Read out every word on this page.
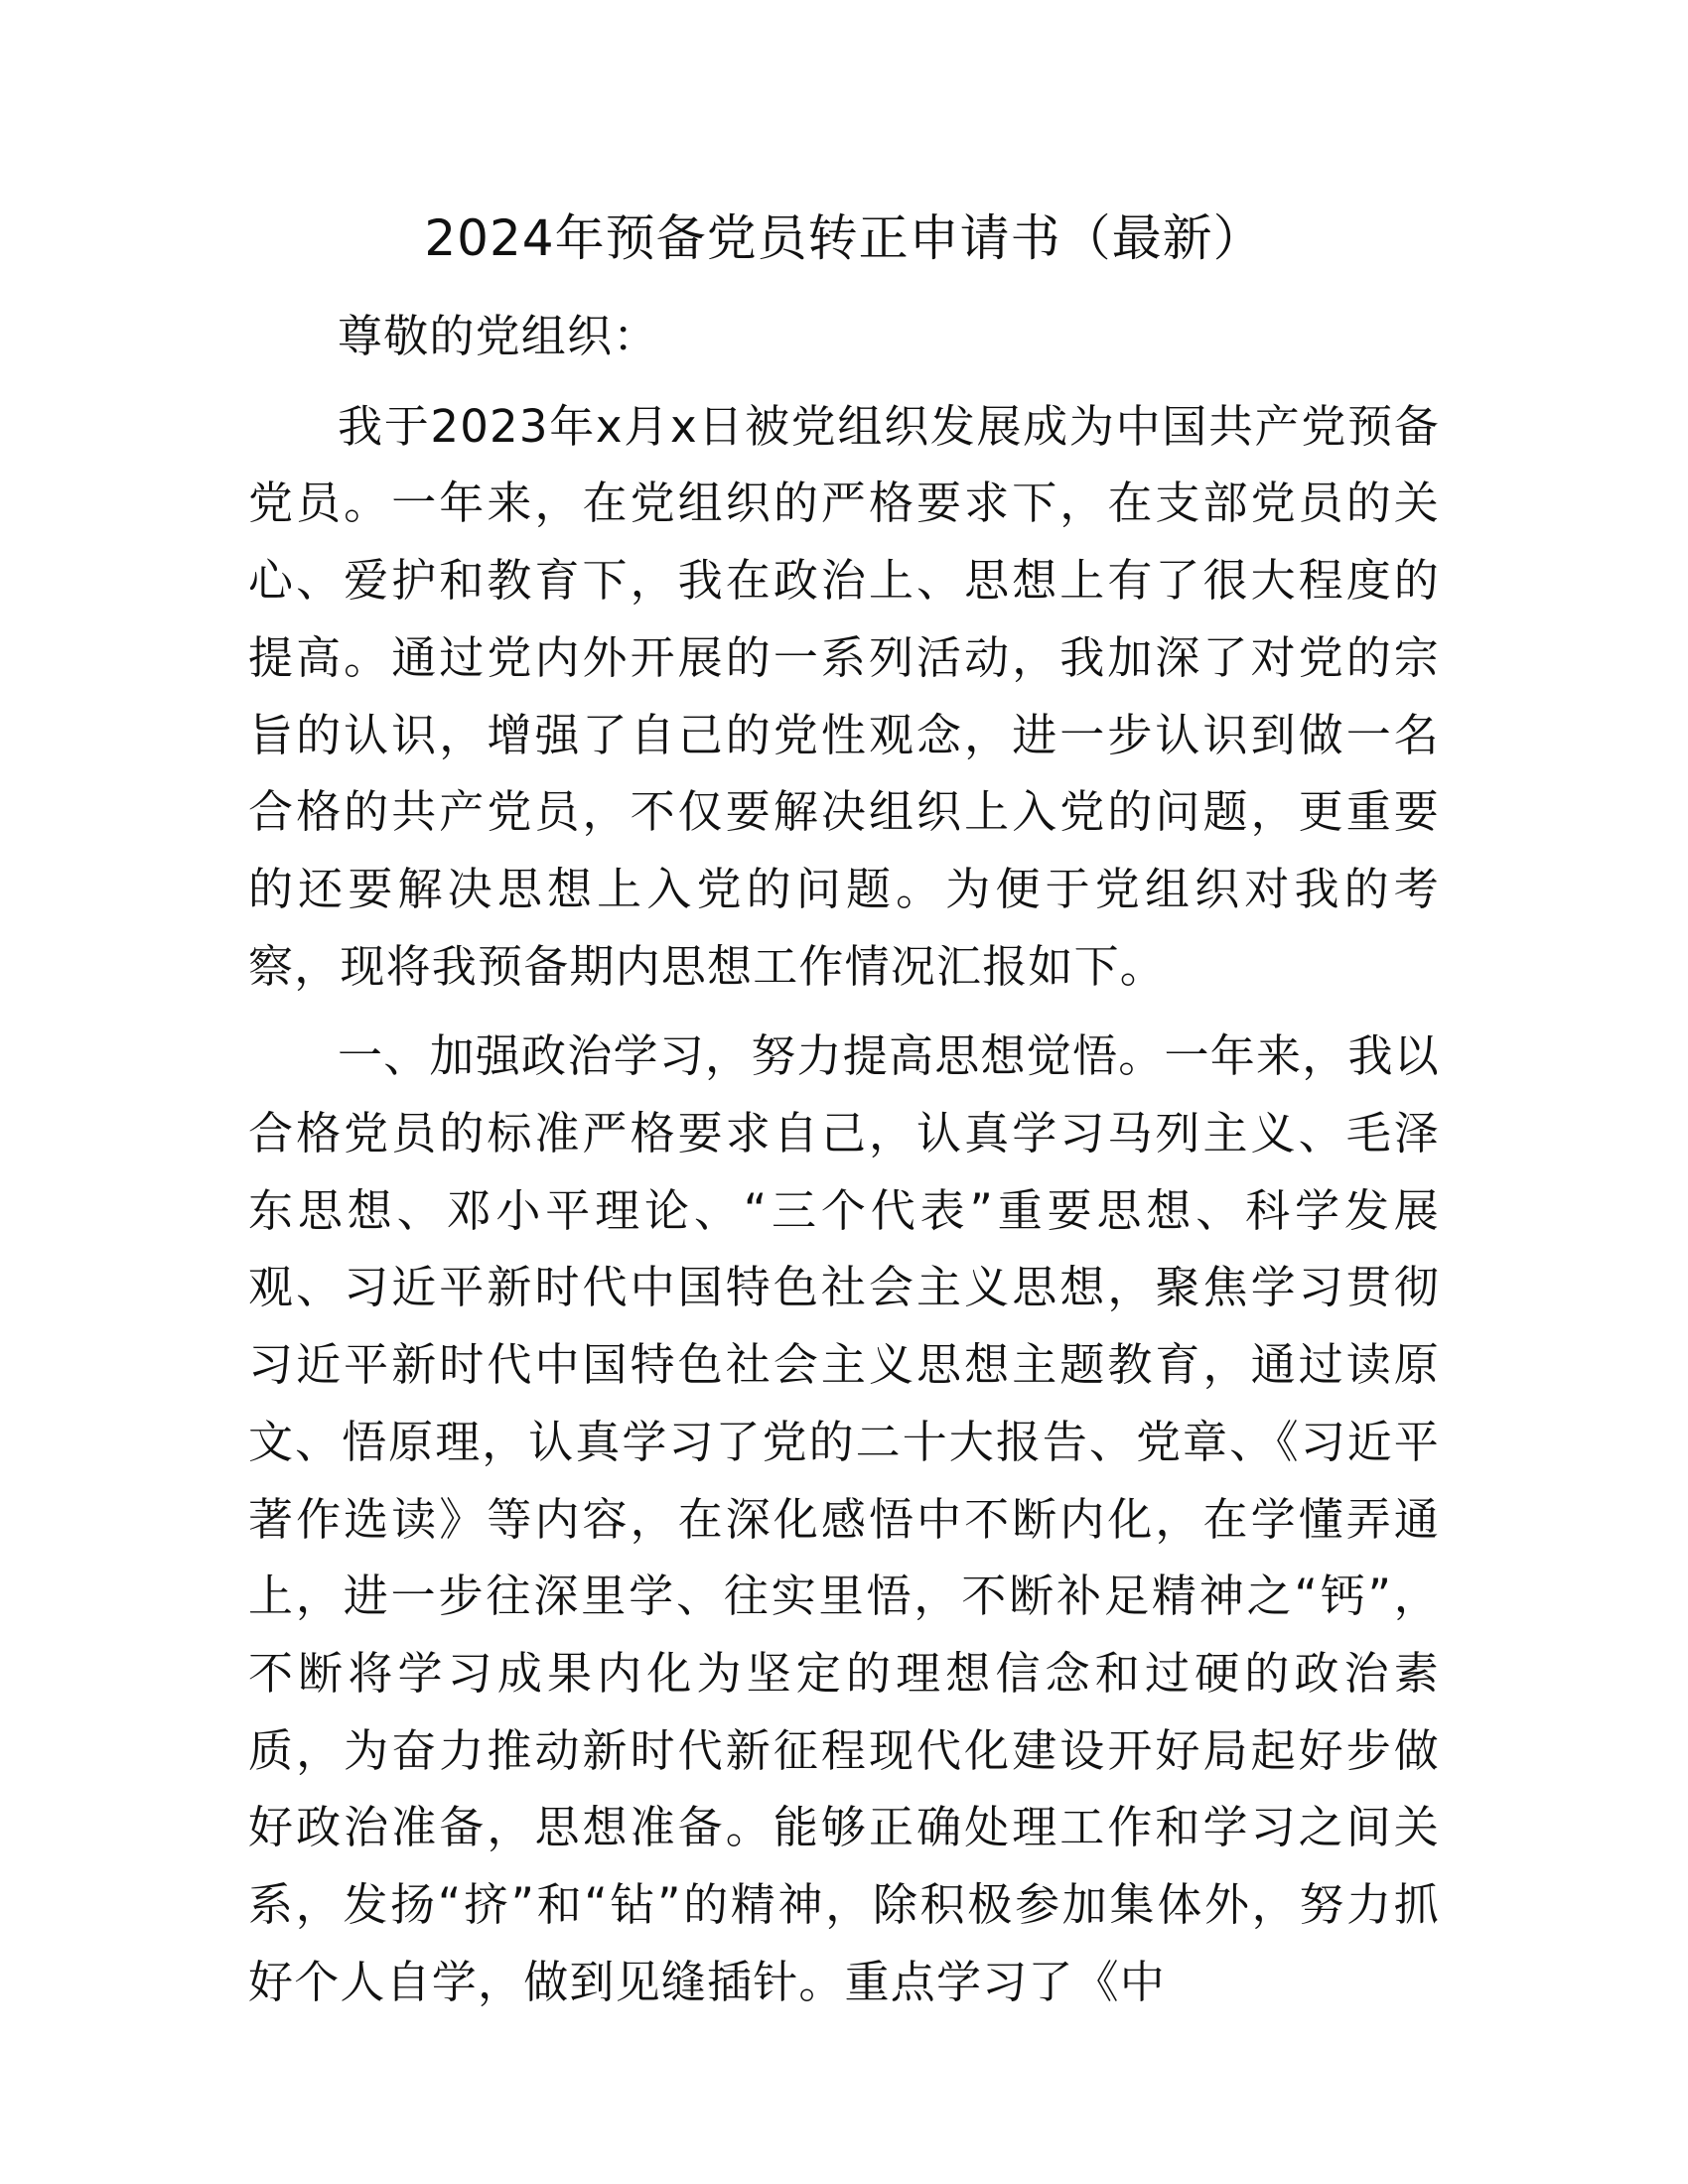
2024年预备党员转正申请书（最新）

尊敬的党组织：

我于2023年x月x日被党组织发展成为中国共产党预备党员。一年来，在党组织的严格要求下，在支部党员的关心、爱护和教育下，我在政治上、思想上有了很大程度的提高。通过党内外开展的一系列活动，我加深了对党的宗旨的认识，增强了自己的党性观念，进一步认识到做一名合格的共产党员，不仅要解决组织上入党的问题，更重要的还要解决思想上入党的问题。为便于党组织对我的考察，现将我预备期内思想工作情况汇报如下。

一、加强政治学习，努力提高思想觉悟。一年来，我以合格党员的标准严格要求自己，认真学习马列主义、毛泽东思想、邓小平理论、“三个代表”重要思想、科学发展观、习近平新时代中国特色社会主义思想，聚焦学习贯彻习近平新时代中国特色社会主义思想主题教育，通过读原文、悟原理，认真学习了党的二十大报告、党章、《习近平著作选读》等内容，在深化感悟中不断内化，在学懂弄通上，进一步往深里学、往实里悟，不断补足精神之“钙”，不断将学习成果内化为坚定的理想信念和过硬的政治素质，为奋力推动新时代新征程现代化建设开好局起好步做好政治准备，思想准备。能够正确处理工作和学习之间关系，发扬“挤”和“钻”的精神，除积极参加集体外，努力抓好个人自学，做到见缝插针。重点学习了《中
